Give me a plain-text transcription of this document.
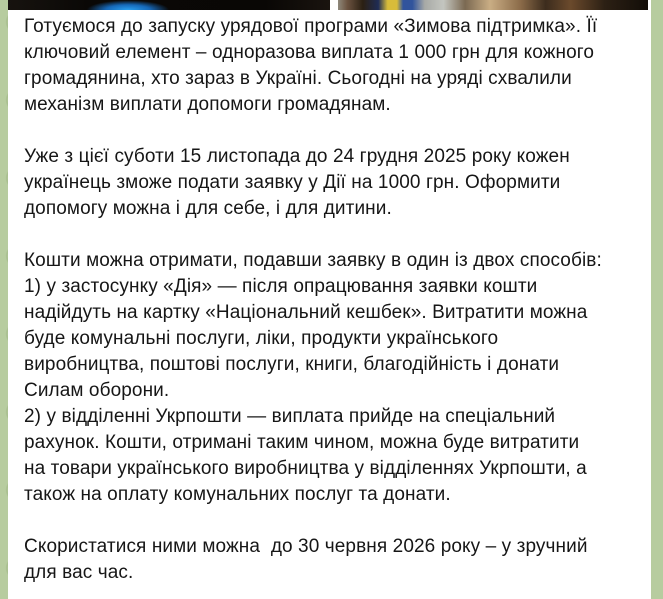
Готуємося до запуску урядової програми «Зимова підтримка». Її
ключовий елемент – одноразова виплата 1 000 грн для кожного
громадянина, хто зараз в Україні. Сьогодні на уряді схвалили
механізм виплати допомоги громадянам.
Уже з цієї суботи 15 листопада до 24 грудня 2025 року кожен
українець зможе подати заявку у Дії на 1000 грн. Оформити
допомогу можна і для себе, і для дитини.
Кошти можна отримати, подавши заявку в один із двох способів:
1) у застосунку «Дія» — після опрацювання заявки кошти
надійдуть на картку «Національний кешбек». Витратити можна
буде комунальні послуги, ліки, продукти українського
виробництва, поштові послуги, книги, благодійність і донати
Силам оборони.
2) у відділенні Укрпошти — виплата прийде на спеціальний
рахунок. Кошти, отримані таким чином, можна буде витратити
на товари українського виробництва у відділеннях Укрпошти, а
також на оплату комунальних послуг та донати.
Скористатися ними можна  до 30 червня 2026 року – у зручний
для вас час.
